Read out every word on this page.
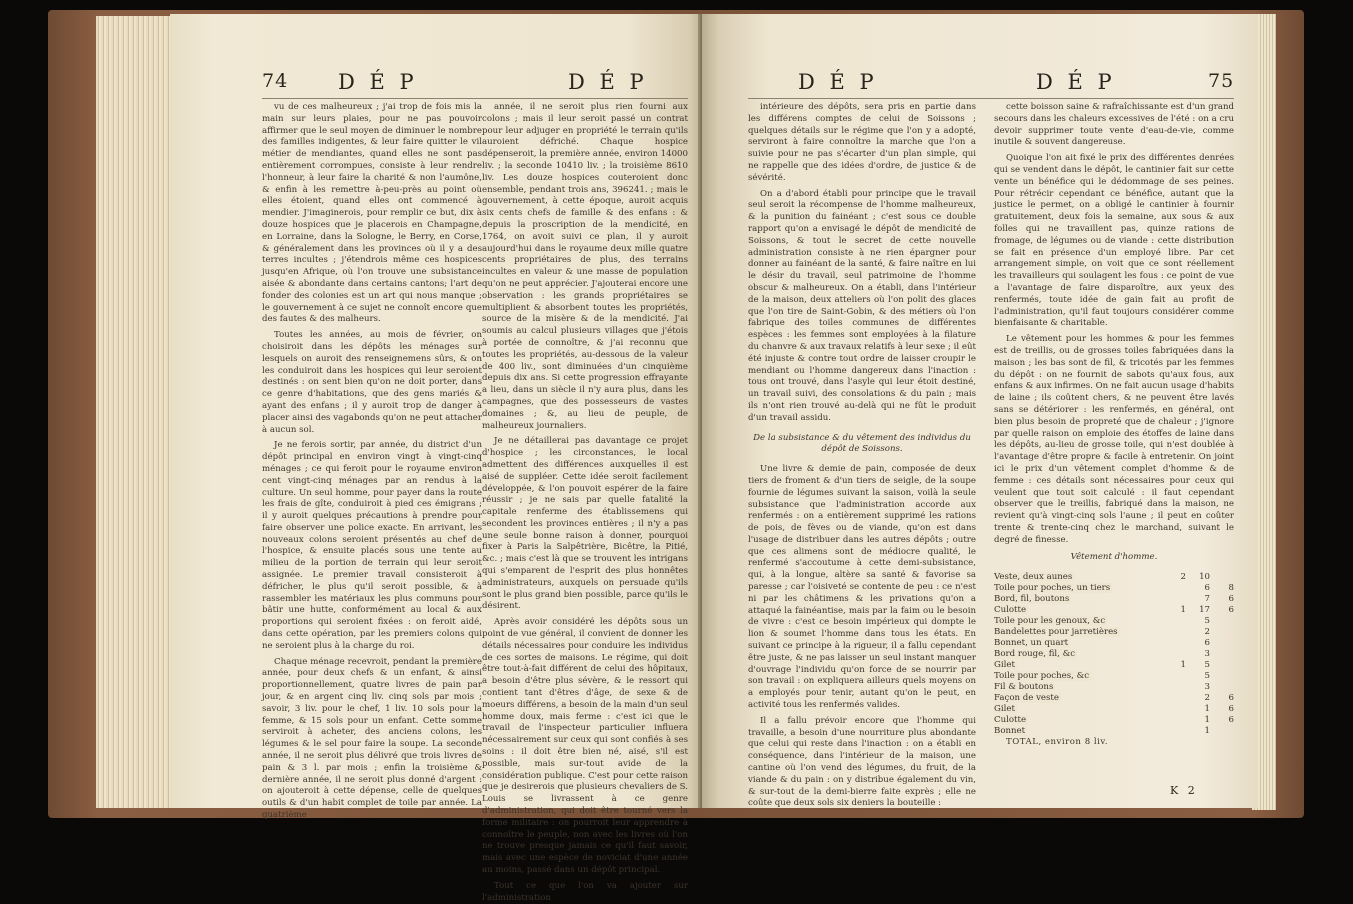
74 D É P	D É P

vu de ces malheureux ; j'ai trop de fois mis la main sur leurs plaies, pour ne pas pouvoir affirmer que le seul moyen de diminuer le nombre des familles indigentes, & leur faire quitter le vil métier de mendiantes, quand elles ne sont pas entièrement corrompues, consiste à leur rendre l'honneur, à leur faire la charité & non l'aumône, & enfin à les remettre à-peu-près au point où elles étoient, quand elles ont commencé à mendier. J'imaginerois, pour remplir ce but, dix à douze hospices que je placerois en Champagne, en Lorraine, dans la Sologne, le Berry, en Corse, & généralement dans les provinces où il y a des terres incultes ; j'étendrois même ces hospices jusqu'en Afrique, où l'on trouve une subsistance aisée & abondante dans certains cantons; l'art de fonder des colonies est un art qui nous manque ; le gouvernement à ce sujet ne connoît encore que des fautes & des malheurs.

Toutes les années, au mois de février, on choisiroit dans les dépôts les ménages sur lesquels on auroit des renseignemens sûrs, & on les conduiroit dans les hospices qui leur seroient destinés : on sent bien qu'on ne doit porter, dans ce genre d'habitations, que des gens mariés & ayant des enfans ; il y auroit trop de danger à placer ainsi des vagabonds qu'on ne peut attacher à aucun sol.

Je ne ferois sortir, par année, du district d'un dépôt principal en environ vingt à vingt-cinq ménages ; ce qui feroit pour le royaume environ cent vingt-cinq ménages par an rendus à la culture. Un seul homme, pour payer dans la route les frais de gîte, conduiroit à pied ces émigrans ; il y auroit quelques précautions à prendre pour faire observer une police exacte. En arrivant, les nouveaux colons seroient présentés au chef de l'hospice, & ensuite placés sous une tente au milieu de la portion de terrain qui leur seroit assignée. Le premier travail consisteroit à défricher, le plus qu'il seroit possible, & à rassembler les matériaux les plus communs pour bâtir une hutte, conformément au local & aux proportions qui seroient fixées : on feroit aidé, dans cette opération, par les premiers colons qui ne seroient plus à la charge du roi.

Chaque ménage recevroit, pendant la première année, pour deux chefs & un enfant, & ainsi proportionnellement, quatre livres de pain par jour, & en argent cinq liv. cinq sols par mois ; savoir, 3 liv. pour le chef, 1 liv. 10 sols pour la femme, & 15 sols pour un enfant. Cette somme serviroit à acheter, des anciens colons, les légumes & le sel pour faire la soupe. La seconde année, il ne seroit plus délivré que trois livres de pain & 3 l. par mois ; enfin la troisième & dernière année, il ne seroit plus donné d'argent : on ajouteroit à cette dépense, celle de quelques outils & d'un habit complet de toile par année. La quatrième

année, il ne seroit plus rien fourni aux colons ; mais il leur seroit passé un contrat pour leur adjuger en propriété le terrain qu'ils auroient défriché. Chaque hospice dépenseroit, la première année, environ 14000 liv. ; la seconde 10410 liv. ; la troisième 8610 liv. Les douze hospices couteroient donc ensemble, pendant trois ans, 396241. ; mais le gouvernement, à cette époque, auroit acquis six cents chefs de famille & des enfans : & depuis la proscription de la mendicité, en 1764, on avoit suivi ce plan, il y auroit aujourd'hui dans le royaume deux mille quatre cents propriétaires de plus, des terrains incultes en valeur & une masse de population qu'on ne peut apprécier. J'ajouterai encore une observation : les grands propriétaires se multiplient & absorbent toutes les propriétés, source de la misère & de la mendicité. J'ai soumis au calcul plusieurs villages que j'étois à portée de connoître, & j'ai reconnu que toutes les propriétés, au-dessous de la valeur de 400 liv., sont diminuées d'un cinquième depuis dix ans. Si cette progression effrayante a lieu, dans un siècle il n'y aura plus, dans les campagnes, que des possesseurs de vastes domaines ; &, au lieu de peuple, de malheureux journaliers.

Je ne détaillerai pas davantage ce projet d'hospice ; les circonstances, le local admettent des différences auxquelles il est aisé de suppléer. Cette idée seroit facilement développée, & l'on pouvoit espérer de la faire réussir ; je ne sais par quelle fatalité la capitale renferme des établissemens qui secondent les provinces entières ; il n'y a pas une seule bonne raison à donner, pourquoi fixer à Paris la Salpêtrière, Bicêtre, la Pitié, &c. ; mais c'est là que se trouvent les intrigans qui s'emparent de l'esprit des plus honnêtes administrateurs, auxquels on persuade qu'ils sont le plus grand bien possible, parce qu'ils le désirent.

Après avoir considéré les dépôts sous un point de vue général, il convient de donner les détails nécessaires pour conduire les individus de ces sortes de maisons. Le régime, qui doit être tout-à-fait différent de celui des hôpitaux, a besoin d'être plus sévère, & le ressort qui contient tant d'êtres d'âge, de sexe & de moeurs différens, a besoin de la main d'un seul homme doux, mais ferme : c'est ici que le travail de l'inspecteur particulier influera nécessairement sur ceux qui sont confiés à ses soins : il doit être bien né, aisé, s'il est possible, mais sur-tout avide de la considération publique. C'est pour cette raison que je desirerois que plusieurs chevaliers de S. Louis se livrassent à ce genre d'administration, qui doit être tourné vers la forme militaire : on pourroit leur apprendre à connoître le peuple, non avec les livres où l'on ne trouve presque jamais ce qu'il faut savoir, mais avec une espèce de noviciat d'une année au moins, passé dans un dépôt principal.

Tout ce que l'on va ajouter sur l'administration

D É P	D É P	75

intérieure des dépôts, sera pris en partie dans les différens comptes de celui de Soissons ; quelques détails sur le régime que l'on y a adopté, serviront à faire connoître la marche que l'on a suivie pour ne pas s'écarter d'un plan simple, qui ne rappelle que des idées d'ordre, de justice & de sévérité.

On a d'abord établi pour principe que le travail seul seroit la récompense de l'homme malheureux, & la punition du fainéant ; c'est sous ce double rapport qu'on a envisagé le dépôt de mendicité de Soissons, & tout le secret de cette nouvelle administration consiste à ne rien épargner pour donner au fainéant de la santé, & faire naître en lui le désir du travail, seul patrimoine de l'homme obscur & malheureux. On a établi, dans l'intérieur de la maison, deux atteliers où l'on polit des glaces que l'on tire de Saint-Gobin, & des métiers où l'on fabrique des toiles communes de différentes espèces : les femmes sont employées à la filature du chanvre & aux travaux relatifs à leur sexe ; il eût été injuste & contre tout ordre de laisser croupir le mendiant ou l'homme dangereux dans l'inaction : tous ont trouvé, dans l'asyle qui leur étoit destiné, un travail suivi, des consolations & du pain ; mais ils n'ont rien trouvé au-delà qui ne fût le produit d'un travail assidu.

De la subsistance & du vêtement des individus du dépôt de Soissons.

Une livre & demie de pain, composée de deux tiers de froment & d'un tiers de seigle, de la soupe fournie de légumes suivant la saison, voilà la seule subsistance que l'administration accorde aux renfermés : on a entièrement supprimé les rations de pois, de fèves ou de viande, qu'on est dans l'usage de distribuer dans les autres dépôts ; outre que ces alimens sont de médiocre qualité, le renfermé s'accoutume à cette demi-subsistance, qui, à la longue, altère sa santé & favorise sa paresse ; car l'oisiveté se contente de peu : ce n'est ni par les châtimens & les privations qu'on a attaqué la fainéantise, mais par la faim ou le besoin de vivre : c'est ce besoin impérieux qui dompte le lion & soumet l'homme dans tous les états. En suivant ce principe à la rigueur, il a fallu cependant être juste, & ne pas laisser un seul instant manquer d'ouvrage l'individu qu'on force de se nourrir par son travail : on expliquera ailleurs quels moyens on a employés pour tenir, autant qu'on le peut, en activité tous les renfermés valides.

Il a fallu prévoir encore que l'homme qui travaille, a besoin d'une nourriture plus abondante que celui qui reste dans l'inaction : on a établi en conséquence, dans l'intérieur de la maison, une cantine où l'on vend des légumes, du fruit, de la viande & du pain : on y distribue également du vin, & sur-tout de la demi-bierre faite exprès ; elle ne coûte que deux sols six deniers la bouteille :

cette boisson saine & rafraîchissante est d'un grand secours dans les chaleurs excessives de l'été : on a cru devoir supprimer toute vente d'eau-de-vie, comme inutile & souvent dangereuse.

Quoique l'on ait fixé le prix des différentes denrées qui se vendent dans le dépôt, le cantinier fait sur cette vente un bénéfice qui le dédommage de ses peines. Pour rétrécir cependant ce bénéfice, autant que la justice le permet, on a obligé le cantinier à fournir gratuitement, deux fois la semaine, aux sous & aux folles qui ne travaillent pas, quinze rations de fromage, de légumes ou de viande : cette distribution se fait en présence d'un employé libre. Par cet arrangement simple, on voit que ce sont réellement les travailleurs qui soulagent les fous : ce point de vue a l'avantage de faire disparoître, aux yeux des renfermés, toute idée de gain fait au profit de l'administration, qu'il faut toujours considérer comme bienfaisante & charitable.

Le vêtement pour les hommes & pour les femmes est de treillis, ou de grosses toiles fabriquées dans la maison ; les bas sont de fil, & tricotés par les femmes du dépôt : on ne fournit de sabots qu'aux fous, aux enfans & aux infirmes. On ne fait aucun usage d'habits de laine ; ils coûtent chers, & ne peuvent être lavés sans se détériorer : les renfermés, en général, ont bien plus besoin de propreté que de chaleur ; j'ignore par quelle raison on emploie des étoffes de laine dans les dépôts, au-lieu de grosse toile, qui n'est doublée à l'avantage d'être propre & facile à entretenir. On joint ici le prix d'un vêtement complet d'homme & de femme : ces détails sont nécessaires pour ceux qui veulent que tout soit calculé : il faut cependant observer que le treillis, fabriqué dans la maison, ne revient qu'à vingt-cinq sols l'aune ; il peut en coûter trente & trente-cinq chez le marchand, suivant le degré de finesse.

Vêtement d'homme.

Veste, deux aunes	2	10	
Toile pour poches, un tiers		6	8
Bord, fil, boutons		7	6
Culotte	1	17	6
Toile pour les genoux, &c		5	
Bandelettes pour jarretières		2	
Bonnet, un quart		6	
Bord rouge, fil, &c		3	
Gilet	1	5	
Toile pour poches, &c		5	
Fil & boutons		3	
Façon de veste		2	6
Gilet		1	6
Culotte		1	6
Bonnet		1	

TOTAL, environ 8 liv.

K 2
